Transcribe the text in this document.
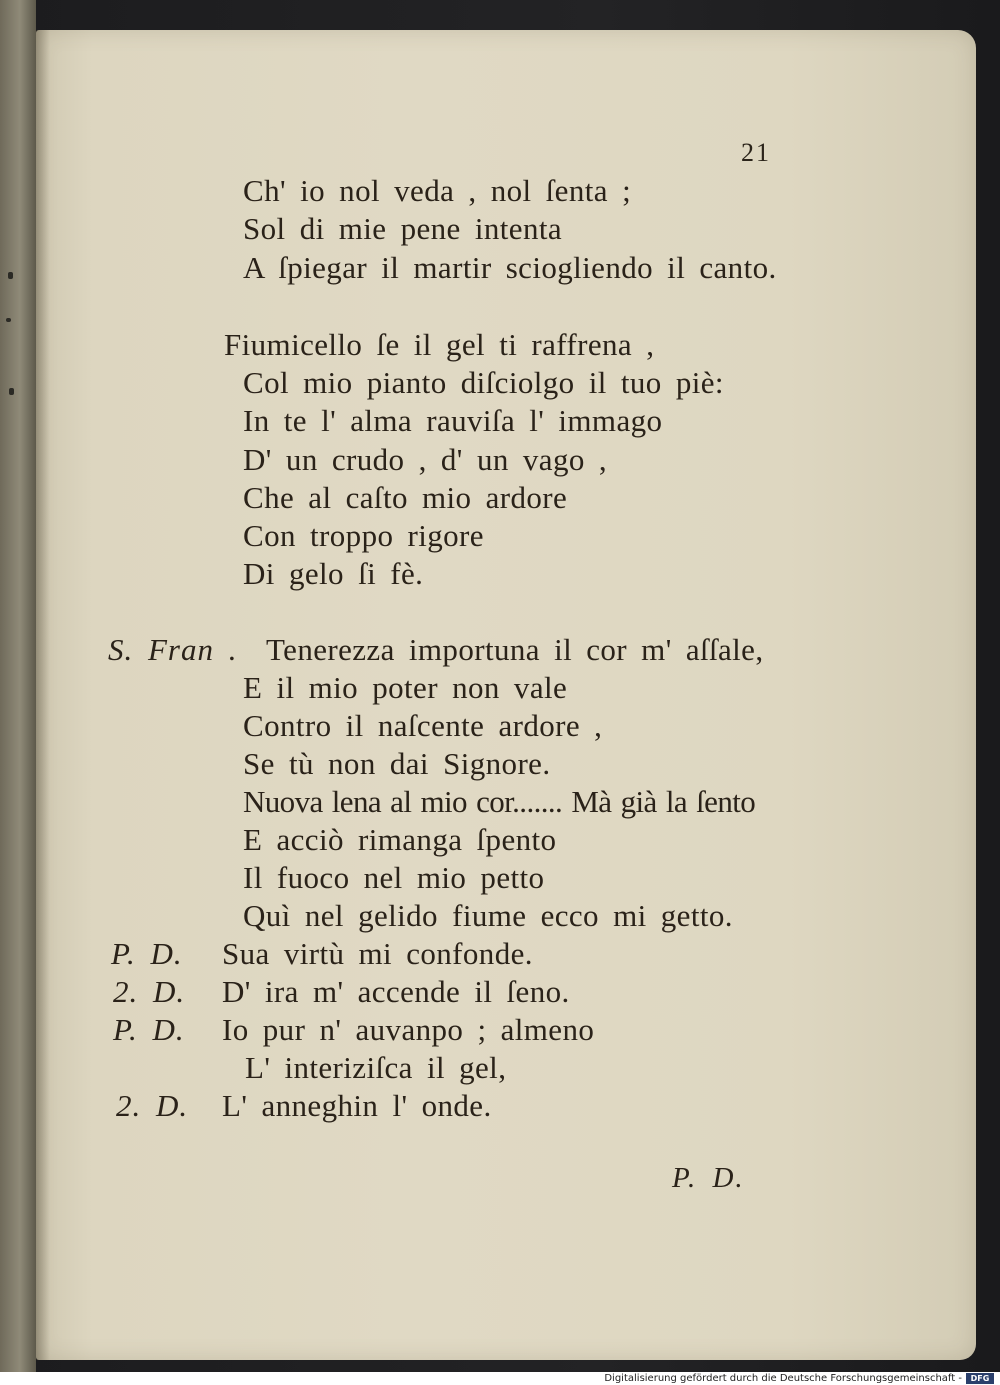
21
Ch' io nol veda , nol ſenta ;
Sol di mie pene intenta
A ſpiegar il martir sciogliendo il canto.
Fiumicello ſe il gel ti raffrena ,
Col mio pianto diſciolgo il tuo piè:
In te l' alma rauviſa l' immago
D' un crudo , d' un vago ,
Che al caſto mio ardore
Con troppo rigore
Di gelo ſi fè.
S. Fran . Tenerezza importuna il cor m' aſſale,
E il mio poter non vale
Contro il naſcente ardore ,
Se tù non dai Signore.
Nuova lena al mio cor....... Mà già la ſento
E acciò rimanga ſpento
Il fuoco nel mio petto
Quì nel gelido fiume ecco mi getto.
P. D. Sua virtù mi confonde.
2. D. D' ira m' accende il ſeno.
P. D. Io pur n' auvanpo ; almeno
L' interiziſca il gel,
2. D. L' anneghin l' onde.
P. D.
Digitalisierung gefördert durch die Deutsche Forschungsgemeinschaft -	DFG
